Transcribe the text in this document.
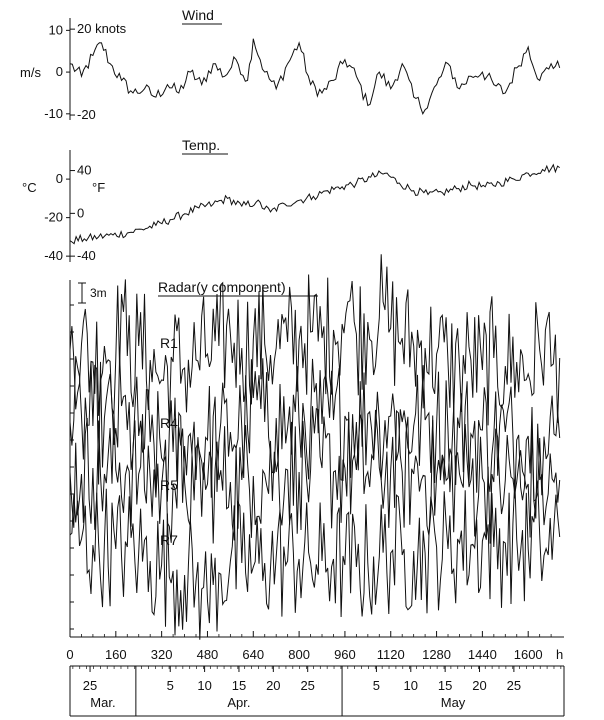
Wind
m/s
10
0
-10
20 knots
-20
Temp.
°C	°F
0
-20
-40
40
0
-40
Radar(y component)
3m
R1
R4
R5
R7
0 160 320 480 640 800 960 1120 1280 1440 1600 h
Mar.	Apr.	May
25	5 10 15 20 25	5 10 15 20 25
